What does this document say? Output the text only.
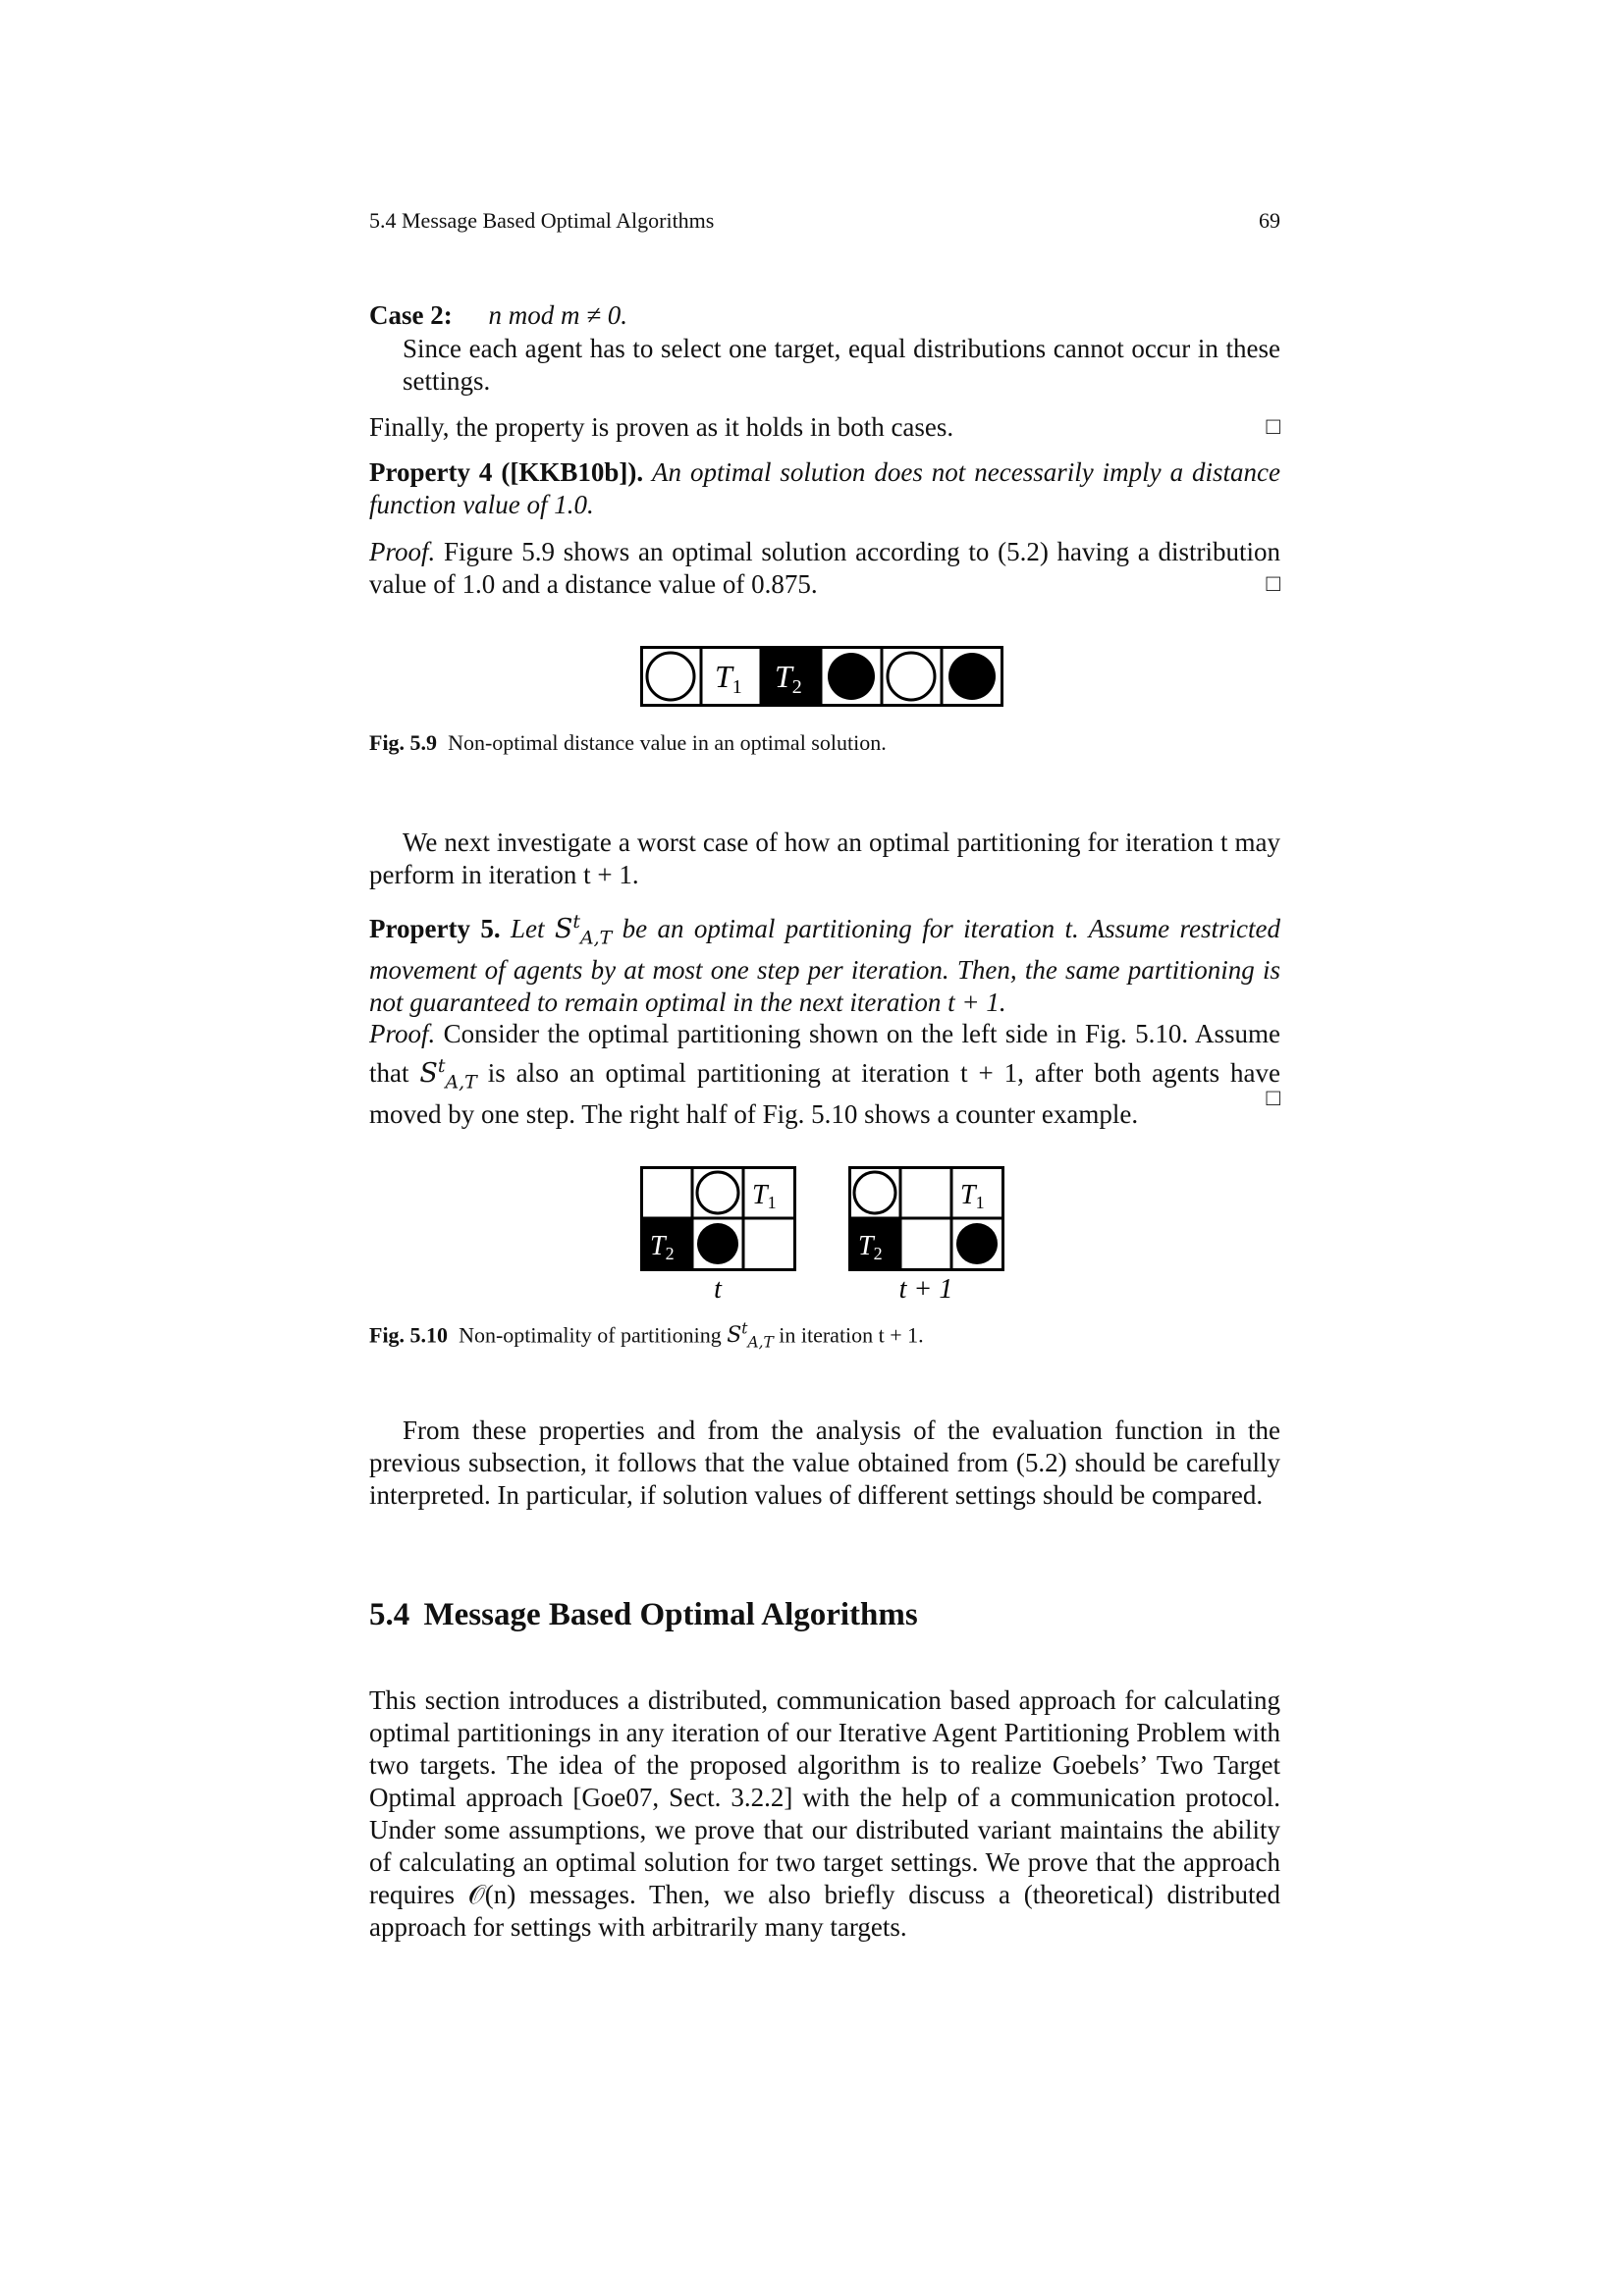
5.4 Message Based Optimal Algorithms	69
Case 2: n mod m ≠ 0.
Since each agent has to select one target, equal distributions cannot occur in these
settings.
Finally, the property is proven as it holds in both cases.	□
Property 4 ([KKB10b]). An optimal solution does not necessarily imply a distance
function value of 1.0.
Proof. Figure 5.9 shows an optimal solution according to (5.2) having a distribution
value of 1.0 and a distance value of 0.875.	□
T1 T2
Fig. 5.9 Non-optimal distance value in an optimal solution.
We next investigate a worst case of how an optimal partitioning for iteration t may
perform in iteration t + 1.
Property 5. Let $S^t_{A,T}$ be an optimal partitioning for iteration t. Assume restricted
movement of agents by at most one step per iteration. Then, the same partitioning is
not guaranteed to remain optimal in the next iteration t + 1.
Proof. Consider the optimal partitioning shown on the left side in Fig. 5.10. Assume
that $S^t_{A,T}$ is also an optimal partitioning at iteration t + 1, after both agents have
moved by one step. The right half of Fig. 5.10 shows a counter example.
□
T1
T2
T1
T2
t	t + 1
Fig. 5.10 Non-optimality of partitioning $S^t_{A,T}$ in iteration t + 1.
From these properties and from the analysis of the evaluation function in the
previous subsection, it follows that the value obtained from (5.2) should be carefully
interpreted. In particular, if solution values of different settings should be compared.
5.4 Message Based Optimal Algorithms
This section introduces a distributed, communication based approach for calculating
optimal partitionings in any iteration of our Iterative Agent Partitioning Problem with
two targets. The idea of the proposed algorithm is to realize Goebels’ Two Target
Optimal approach [Goe07, Sect. 3.2.2] with the help of a communication protocol.
Under some assumptions, we prove that our distributed variant maintains the ability
of calculating an optimal solution for two target settings. We prove that the approach
requires 𝒪(n) messages. Then, we also briefly discuss a (theoretical) distributed
approach for settings with arbitrarily many targets.
